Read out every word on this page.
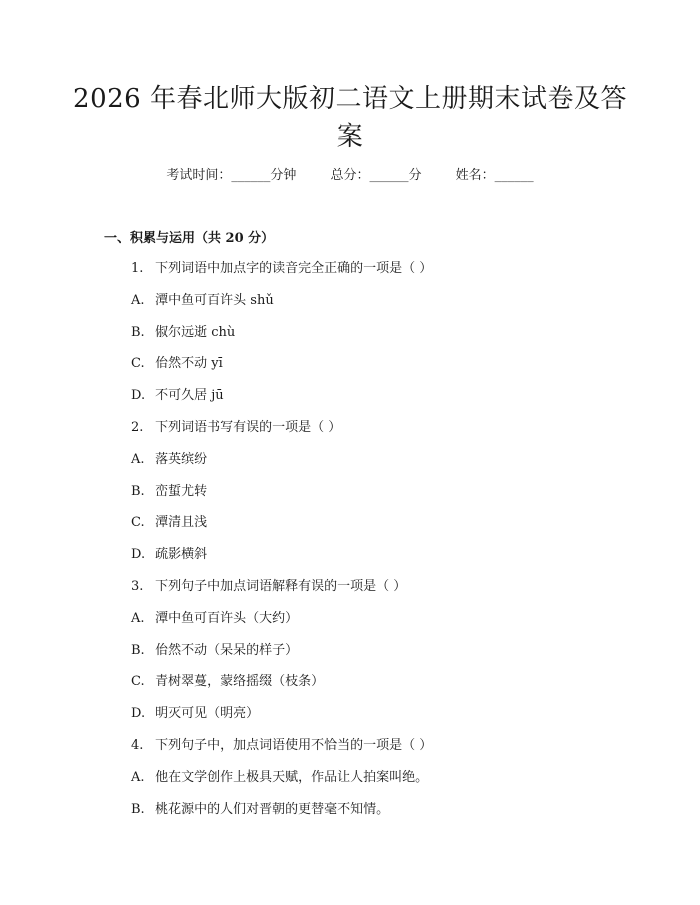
2026 年春北师大版初二语文上册期末试卷及答案
考试时间：______分钟	总分：______分	姓名：______
一、积累与运用（共 20 分）
1. 下列词语中加点字的读音完全正确的一项是（ ）
A. 潭中鱼可百许头 shǔ
B. 俶尔远逝 chù
C. 佁然不动 yī
D. 不可久居 jū
2. 下列词语书写有误的一项是（ ）
A. 落英缤纷
B. 峦蜇尤转
C. 潭清且浅
D. 疏影横斜
3. 下列句子中加点词语解释有误的一项是（ ）
A. 潭中鱼可百许头（大约）
B. 佁然不动（呆呆的样子）
C. 青树翠蔓，蒙络摇缀（枝条）
D. 明灭可见（明亮）
4. 下列句子中，加点词语使用不恰当的一项是（ ）
A. 他在文学创作上极具天赋，作品让人拍案叫绝。
B. 桃花源中的人们对晋朝的更替毫不知情。
